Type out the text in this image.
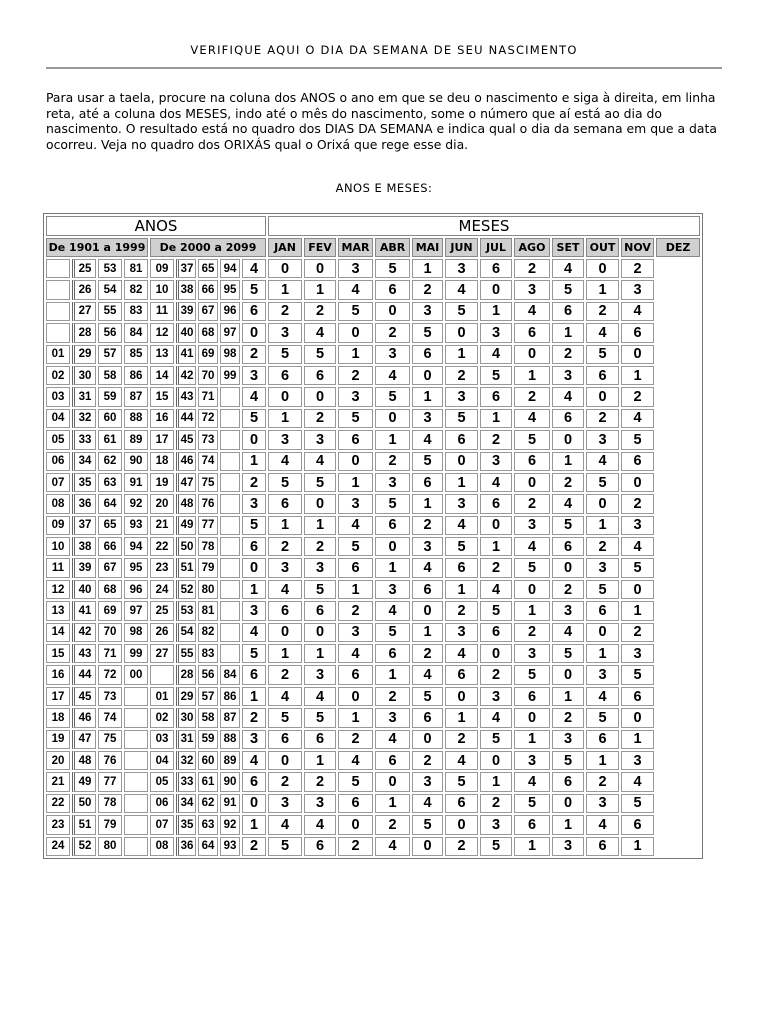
VERIFIQUE AQUI O DIA DA SEMANA DE SEU NASCIMENTO

Para usar a taela, procure na coluna dos ANOS o ano em que se deu o nascimento e siga à direita, em linha reta, até a coluna dos MESES, indo até o mês do nascimento, some o número que aí está ao dia do nascimento. O resultado está no quadro dos DIAS DA SEMANA e indica qual o dia da semana em que a data ocorreu. Veja no quadro dos ORIXÁS qual o Orixá que rege esse dia.

ANOS E MESES:
ANOS									MESES											
De 1901 a 1999				De 2000 a 2099					JAN	FEV	MAR	ABR	MAI	JUN	JUL	AGO	SET	OUT	NOV	DEZ
	25	53	81	09	37	65	94	4	0	0	3	5	1	3	6	2	4	0	2	
	26	54	82	10	38	66	95	5	1	1	4	6	2	4	0	3	5	1	3	
	27	55	83	11	39	67	96	6	2	2	5	0	3	5	1	4	6	2	4	
	28	56	84	12	40	68	97	0	3	4	0	2	5	0	3	6	1	4	6	
01	29	57	85	13	41	69	98	2	5	5	1	3	6	1	4	0	2	5	0	
02	30	58	86	14	42	70	99	3	6	6	2	4	0	2	5	1	3	6	1	
03	31	59	87	15	43	71		4	0	0	3	5	1	3	6	2	4	0	2	
04	32	60	88	16	44	72		5	1	2	5	0	3	5	1	4	6	2	4	
05	33	61	89	17	45	73		0	3	3	6	1	4	6	2	5	0	3	5	
06	34	62	90	18	46	74		1	4	4	0	2	5	0	3	6	1	4	6	
07	35	63	91	19	47	75		2	5	5	1	3	6	1	4	0	2	5	0	
08	36	64	92	20	48	76		3	6	0	3	5	1	3	6	2	4	0	2	
09	37	65	93	21	49	77		5	1	1	4	6	2	4	0	3	5	1	3	
10	38	66	94	22	50	78		6	2	2	5	0	3	5	1	4	6	2	4	
11	39	67	95	23	51	79		0	3	3	6	1	4	6	2	5	0	3	5	
12	40	68	96	24	52	80		1	4	5	1	3	6	1	4	0	2	5	0	
13	41	69	97	25	53	81		3	6	6	2	4	0	2	5	1	3	6	1	
14	42	70	98	26	54	82		4	0	0	3	5	1	3	6	2	4	0	2	
15	43	71	99	27	55	83		5	1	1	4	6	2	4	0	3	5	1	3	
16	44	72	00		28	56	84	6	2	3	6	1	4	6	2	5	0	3	5	
17	45	73		01	29	57	86	1	4	4	0	2	5	0	3	6	1	4	6	
18	46	74		02	30	58	87	2	5	5	1	3	6	1	4	0	2	5	0	
19	47	75		03	31	59	88	3	6	6	2	4	0	2	5	1	3	6	1	
20	48	76		04	32	60	89	4	0	1	4	6	2	4	0	3	5	1	3	
21	49	77		05	33	61	90	6	2	2	5	0	3	5	1	4	6	2	4	
22	50	78		06	34	62	91	0	3	3	6	1	4	6	2	5	0	3	5	
23	51	79		07	35	63	92	1	4	4	0	2	5	0	3	6	1	4	6	
24	52	80		08	36	64	93	2	5	6	2	4	0	2	5	1	3	6	1	
